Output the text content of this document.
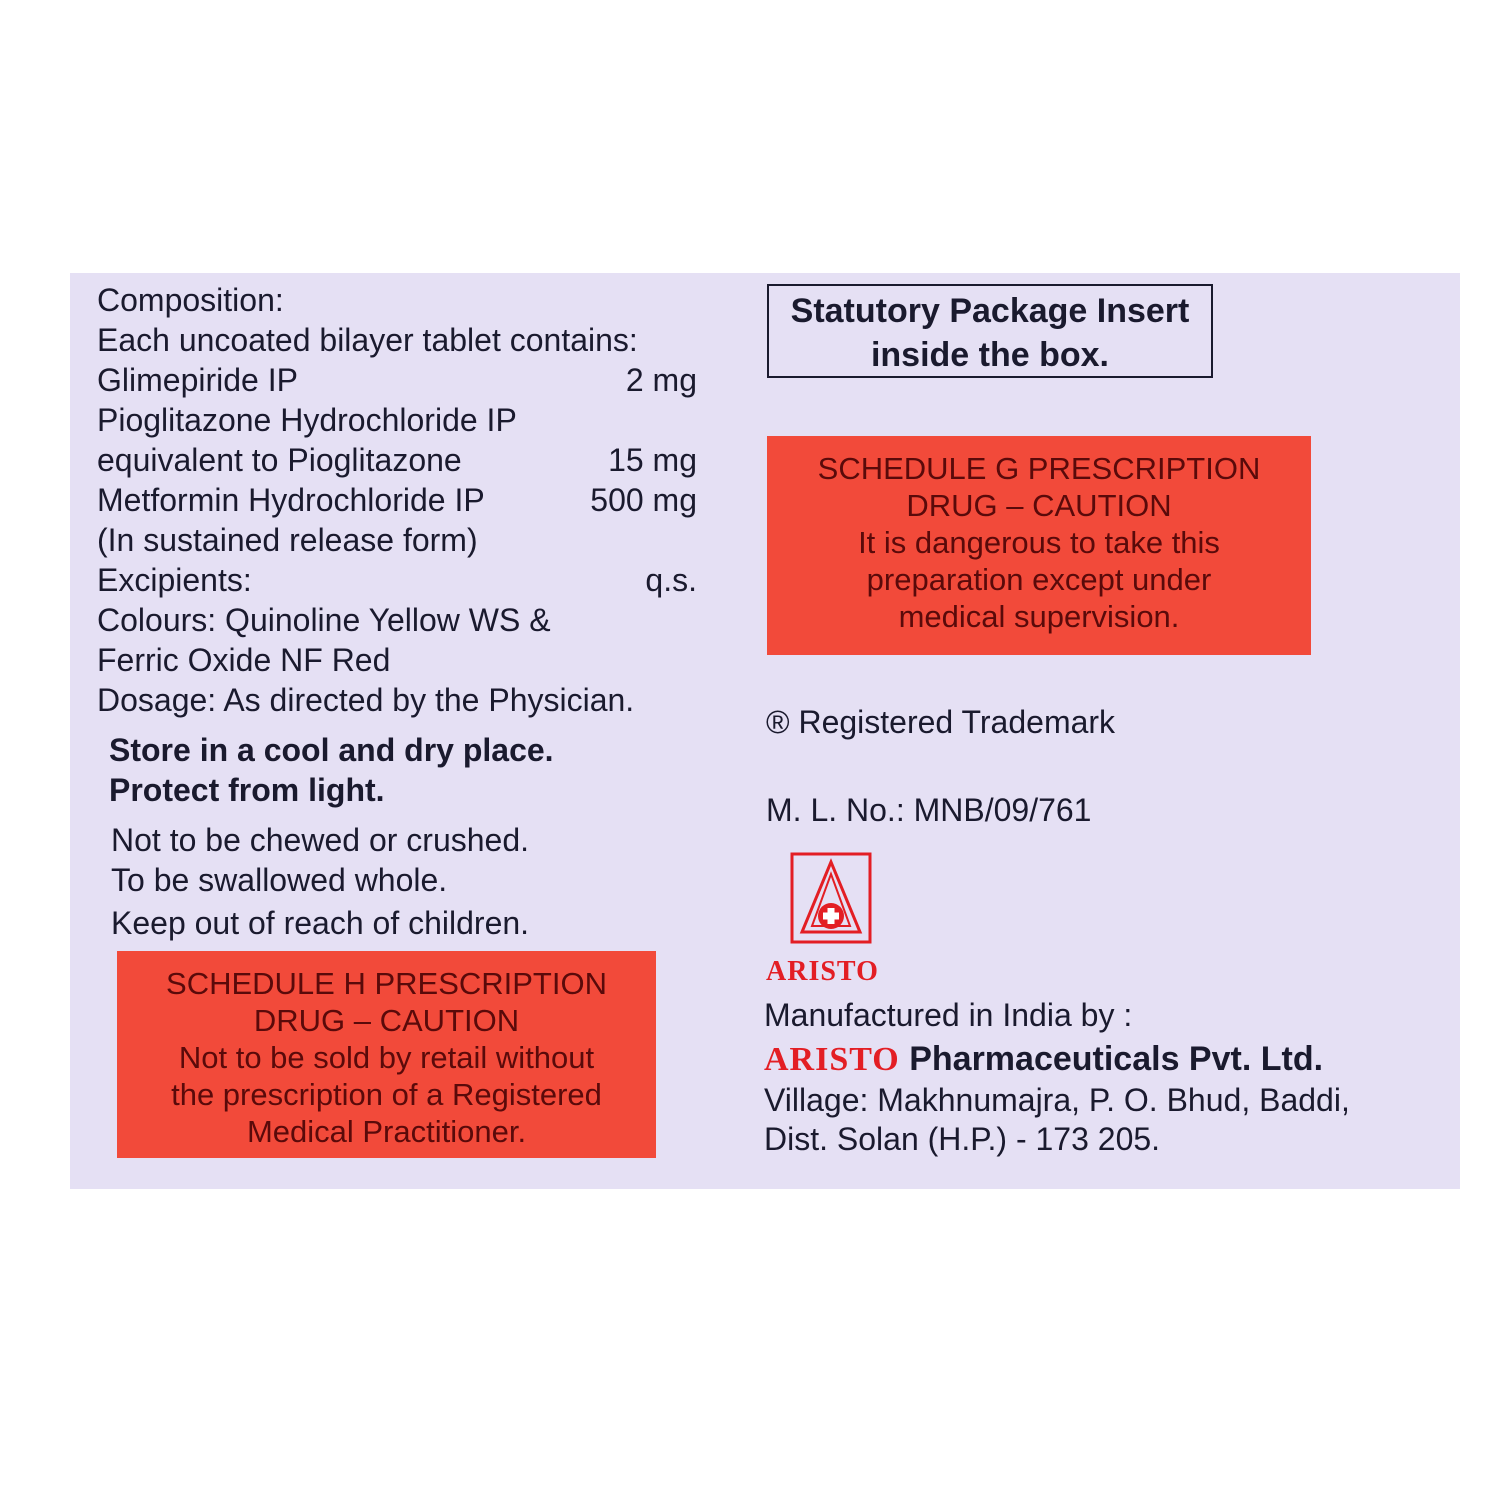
Composition:
Each uncoated bilayer tablet contains:
Glimepiride IP	2 mg
Pioglitazone Hydrochloride IP
equivalent to Pioglitazone	15 mg
Metformin Hydrochloride IP	500 mg
(In sustained release form)
Excipients:	q.s.
Colours: Quinoline Yellow WS &
Ferric Oxide NF Red
Dosage: As directed by the Physician.
Store in a cool and dry place.
Protect from light.
Not to be chewed or crushed.
To be swallowed whole.
Keep out of reach of children.
SCHEDULE H PRESCRIPTION
DRUG – CAUTION
Not to be sold by retail without
the prescription of a Registered
Medical Practitioner.
Statutory Package Insert
inside the box.
SCHEDULE G PRESCRIPTION
DRUG – CAUTION
It is dangerous to take this
preparation except under
medical supervision.
® Registered Trademark
M. L. No.: MNB/09/761
ARISTO
Manufactured in India by :
ARISTO Pharmaceuticals Pvt. Ltd.
Village: Makhnumajra, P. O. Bhud, Baddi,
Dist. Solan (H.P.) - 173 205.
